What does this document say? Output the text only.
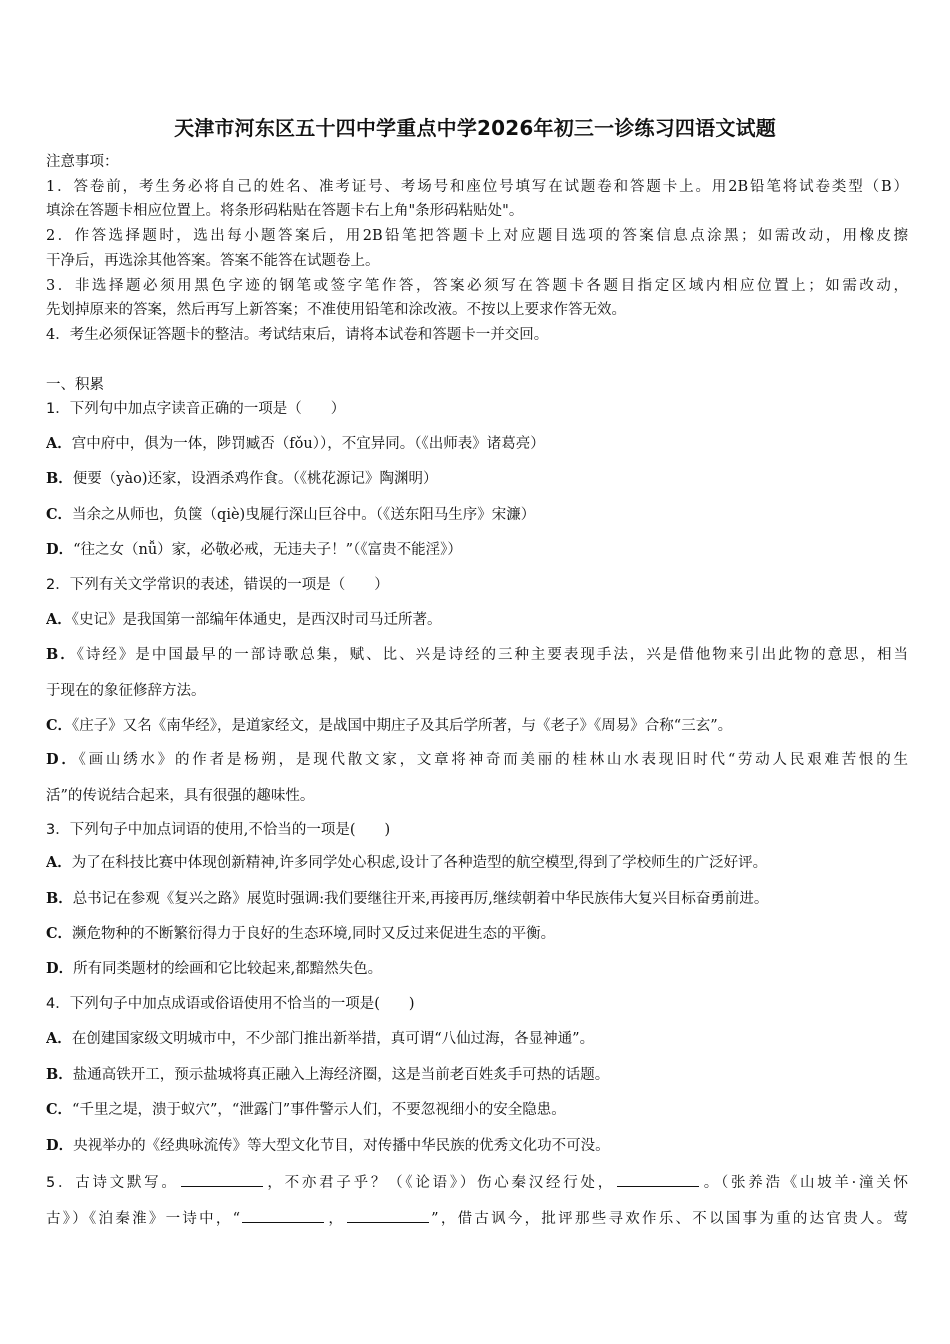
天津市河东区五十四中学重点中学2026年初三一诊练习四语文试题
注意事项：
1．答卷前，考生务必将自己的姓名、准考证号、考场号和座位号填写在试题卷和答题卡上。用2B铅笔将试卷类型（B）
填涂在答题卡相应位置上。将条形码粘贴在答题卡右上角"条形码粘贴处"。
2．作答选择题时，选出每小题答案后，用2B铅笔把答题卡上对应题目选项的答案信息点涂黑；如需改动，用橡皮擦
干净后，再选涂其他答案。答案不能答在试题卷上。
3．非选择题必须用黑色字迹的钢笔或签字笔作答，答案必须写在答题卡各题目指定区域内相应位置上；如需改动，
先划掉原来的答案，然后再写上新答案；不准使用铅笔和涂改液。不按以上要求作答无效。
4．考生必须保证答题卡的整洁。考试结束后，请将本试卷和答题卡一并交回。
一、积累
1．下列句中加点字读音正确的一项是（　　）
A．宫中府中，俱为一体，陟罚臧否（fǒu）），不宜异同。（《出师表》诸葛亮）
B．便要（yào)还家，设酒杀鸡作食。（《桃花源记》陶渊明）
C．当余之从师也，负箧（qiè)曳屣行深山巨谷中。（《送东阳马生序》宋濂）
D．“往之女（nǚ）家，必敬必戒，无违夫子！”（《富贵不能淫》）
2．下列有关文学常识的表述，错误的一项是（　　）
A．《史记》是我国第一部编年体通史，是西汉时司马迁所著。
B．《诗经》是中国最早的一部诗歌总集，赋、比、兴是诗经的三种主要表现手法，兴是借他物来引出此物的意思，相当
于现在的象征修辞方法。
C．《庄子》又名《南华经》，是道家经文，是战国中期庄子及其后学所著，与《老子》《周易》合称“三玄”。
D．《画山绣水》的作者是杨朔，是现代散文家，文章将神奇而美丽的桂林山水表现旧时代“劳动人民艰难苦恨的生
活”的传说结合起来，具有很强的趣味性。
3．下列句子中加点词语的使用,不恰当的一项是(　　)
A．为了在科技比赛中体现创新精神,许多同学处心积虑,设计了各种造型的航空模型,得到了学校师生的广泛好评。
B．总书记在参观《复兴之路》展览时强调:我们要继往开来,再接再厉,继续朝着中华民族伟大复兴目标奋勇前进。
C．濒危物种的不断繁衍得力于良好的生态环境,同时又反过来促进生态的平衡。
D．所有同类题材的绘画和它比较起来,都黯然失色。
4．下列句子中加点成语或俗语使用不恰当的一项是(　　)
A．在创建国家级文明城市中，不少部门推出新举措，真可谓“八仙过海，各显神通”。
B．盐通高铁开工，预示盐城将真正融入上海经济圈，这是当前老百姓炙手可热的话题。
C．“千里之堤，溃于蚁穴”，“泄露门”事件警示人们，不要忽视细小的安全隐患。
D．央视举办的《经典咏流传》等大型文化节目，对传播中华民族的优秀文化功不可没。
5．古诗文默写。	，不亦君子乎？（《论语》）伤心秦汉经行处，	。（张养浩《山坡羊·潼关怀
古》）《泊秦淮》一诗中，“	，	”，借古讽今，批评那些寻欢作乐、不以国事为重的达官贵人。莺
